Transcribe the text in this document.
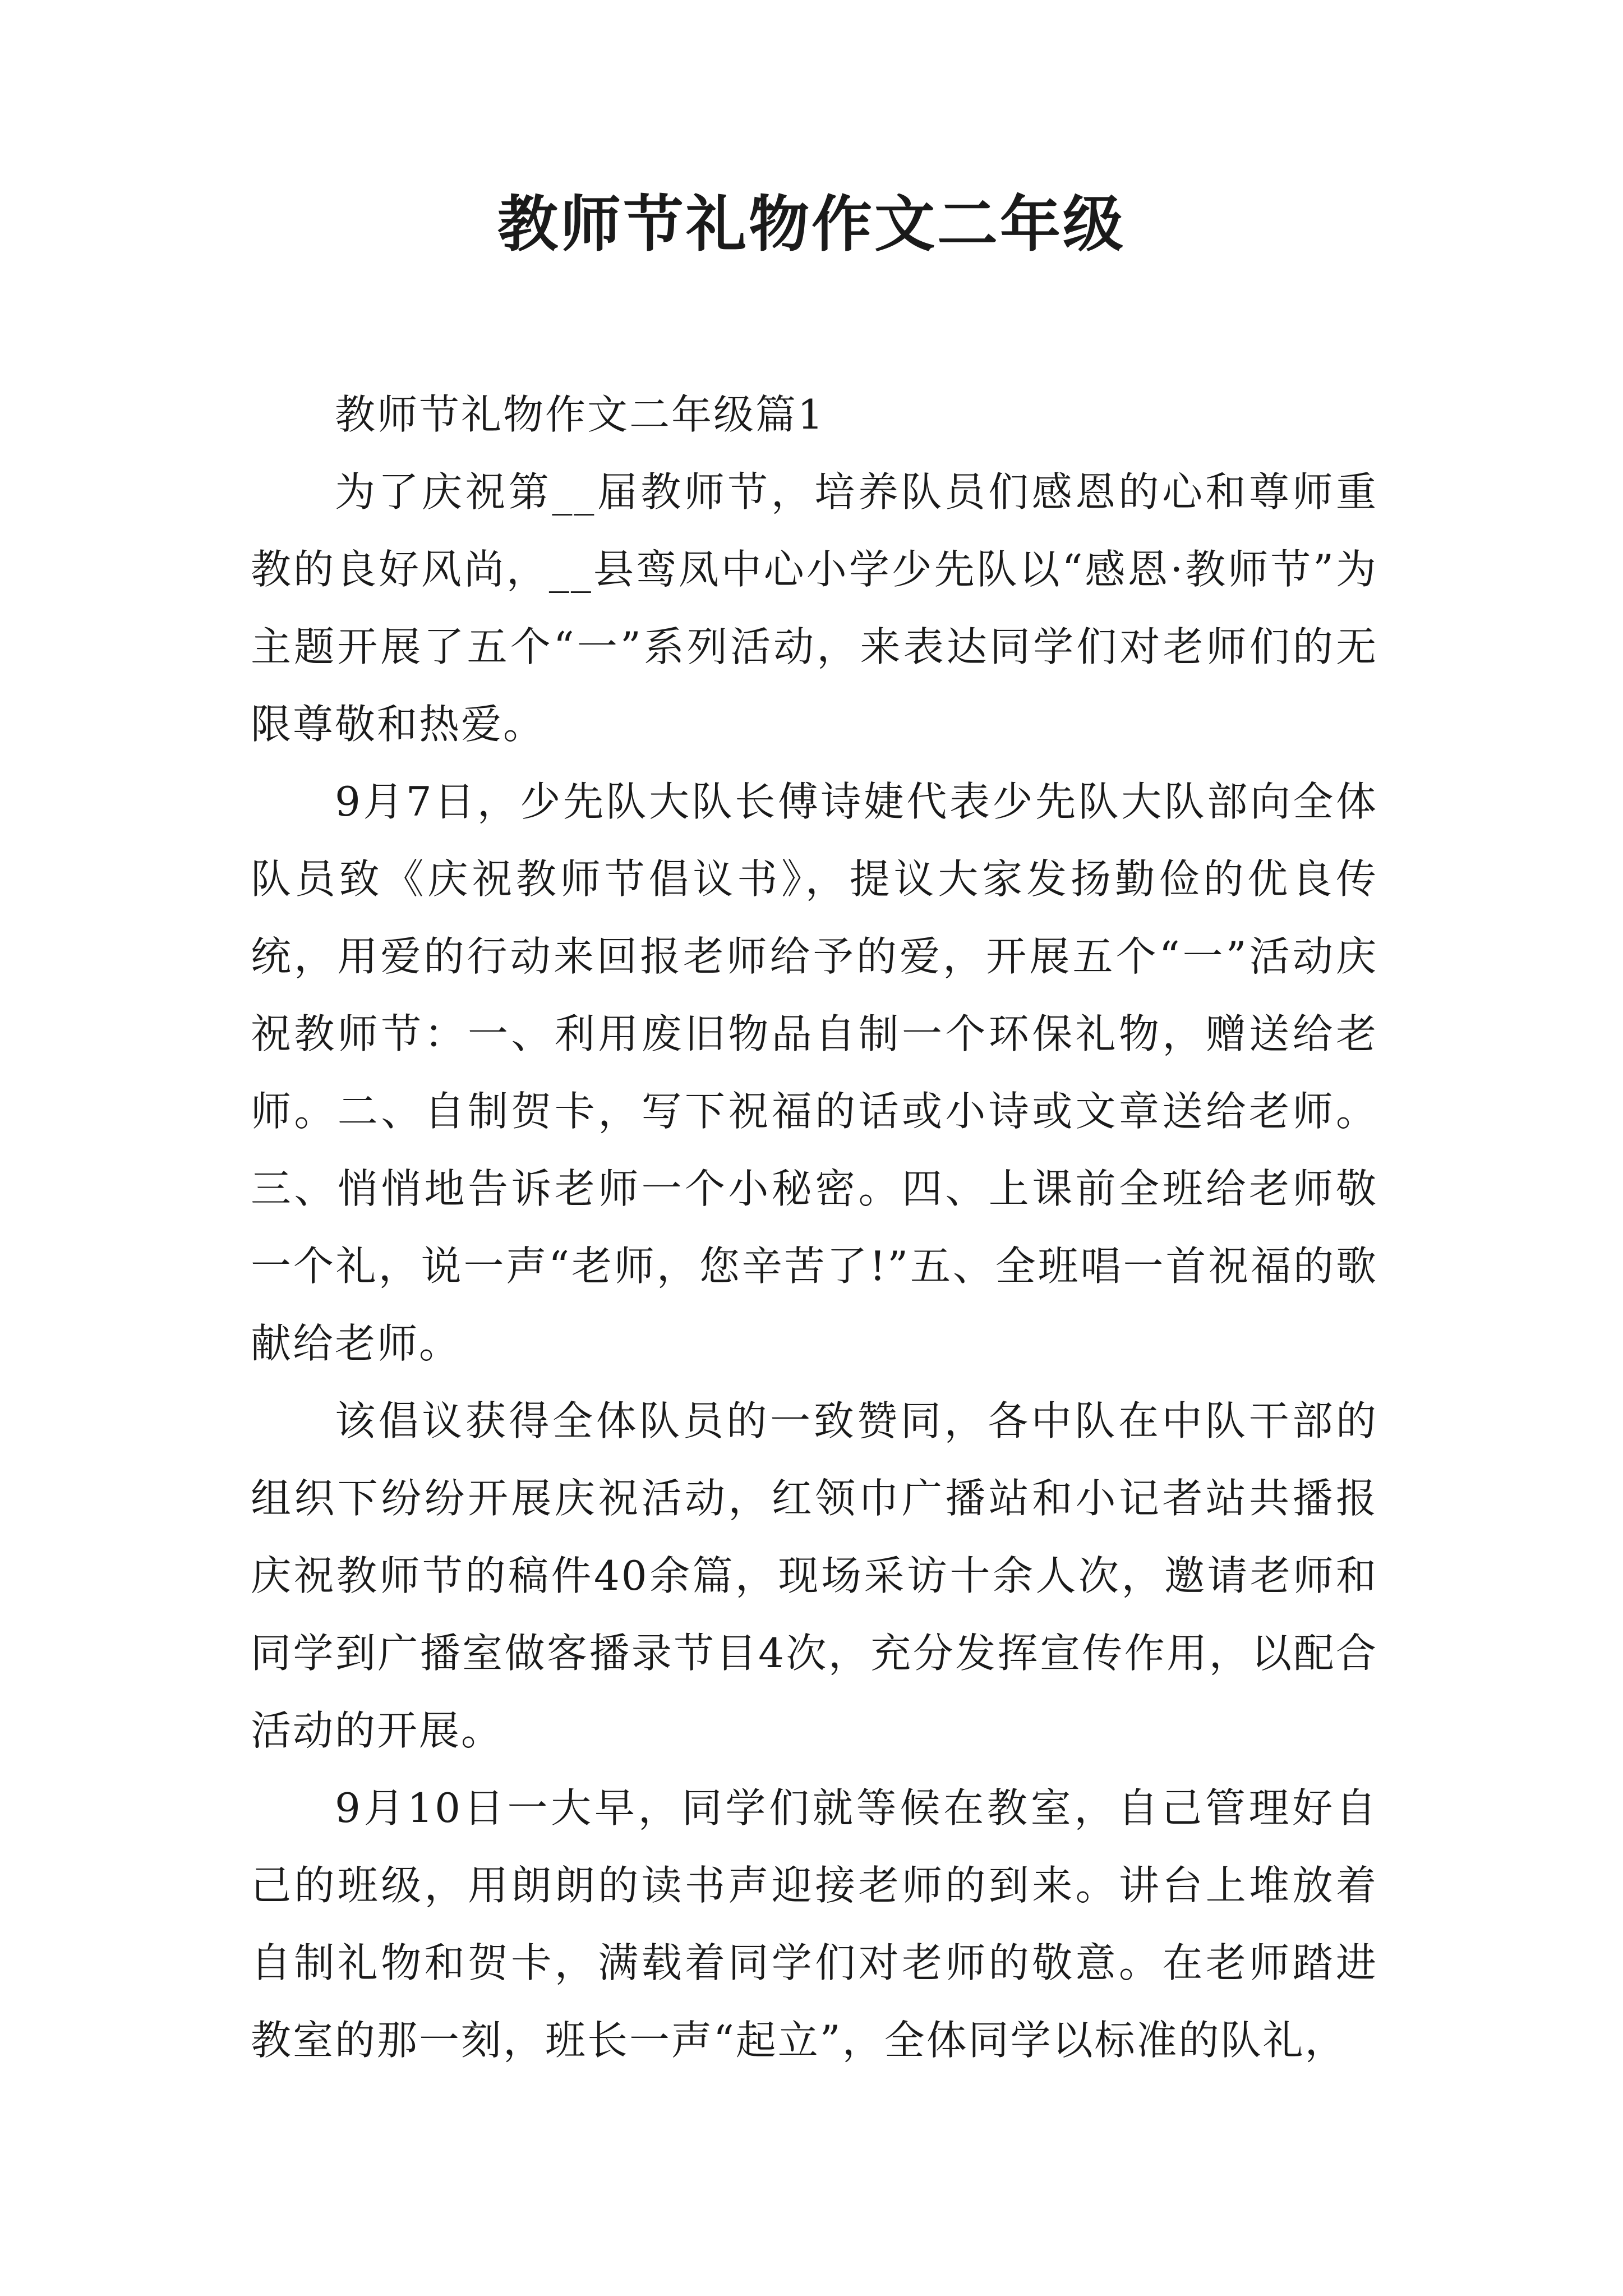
教师节礼物作文二年级

教师节礼物作文二年级篇1

为了庆祝第__届教师节，培养队员们感恩的心和尊师重教的良好风尚，__县鸾凤中心小学少先队以“感恩·教师节”为主题开展了五个“一”系列活动，来表达同学们对老师们的无限尊敬和热爱。

9月7日，少先队大队长傅诗婕代表少先队大队部向全体队员致《庆祝教师节倡议书》，提议大家发扬勤俭的优良传统，用爱的行动来回报老师给予的爱，开展五个“一”活动庆祝教师节：一、利用废旧物品自制一个环保礼物，赠送给老师。二、自制贺卡，写下祝福的话或小诗或文章送给老师。三、悄悄地告诉老师一个小秘密。四、上课前全班给老师敬一个礼，说一声“老师，您辛苦了!”五、全班唱一首祝福的歌献给老师。

该倡议获得全体队员的一致赞同，各中队在中队干部的组织下纷纷开展庆祝活动，红领巾广播站和小记者站共播报庆祝教师节的稿件40余篇，现场采访十余人次，邀请老师和同学到广播室做客播录节目4次，充分发挥宣传作用，以配合活动的开展。

9月10日一大早，同学们就等候在教室，自己管理好自己的班级，用朗朗的读书声迎接老师的到来。讲台上堆放着自制礼物和贺卡，满载着同学们对老师的敬意。在老师踏进教室的那一刻，班长一声“起立”，全体同学以标准的队礼，
